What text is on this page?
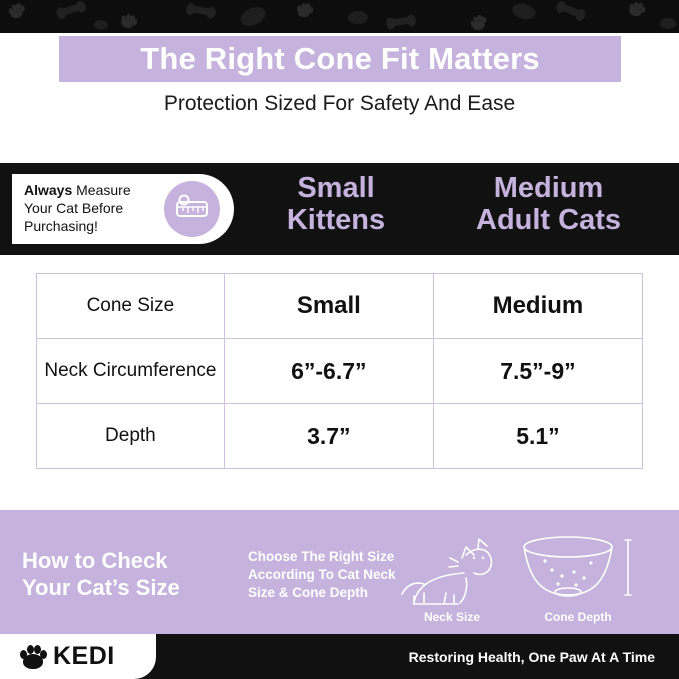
The Right Cone Fit Matters
Protection Sized For Safety And Ease
Always Measure
Your Cat Before
Purchasing!
Small
Kittens
Medium
Adult Cats
Cone Size	Small	Medium
Neck Circumference	6”-6.7”	7.5”-9”
Depth	3.7”	5.1”
How to Check
Your Cat’s Size
Choose The Right Size According To Cat Neck Size & Cone Depth
Neck Size	Cone Depth
KEDI	Restoring Health, One Paw At A Time
